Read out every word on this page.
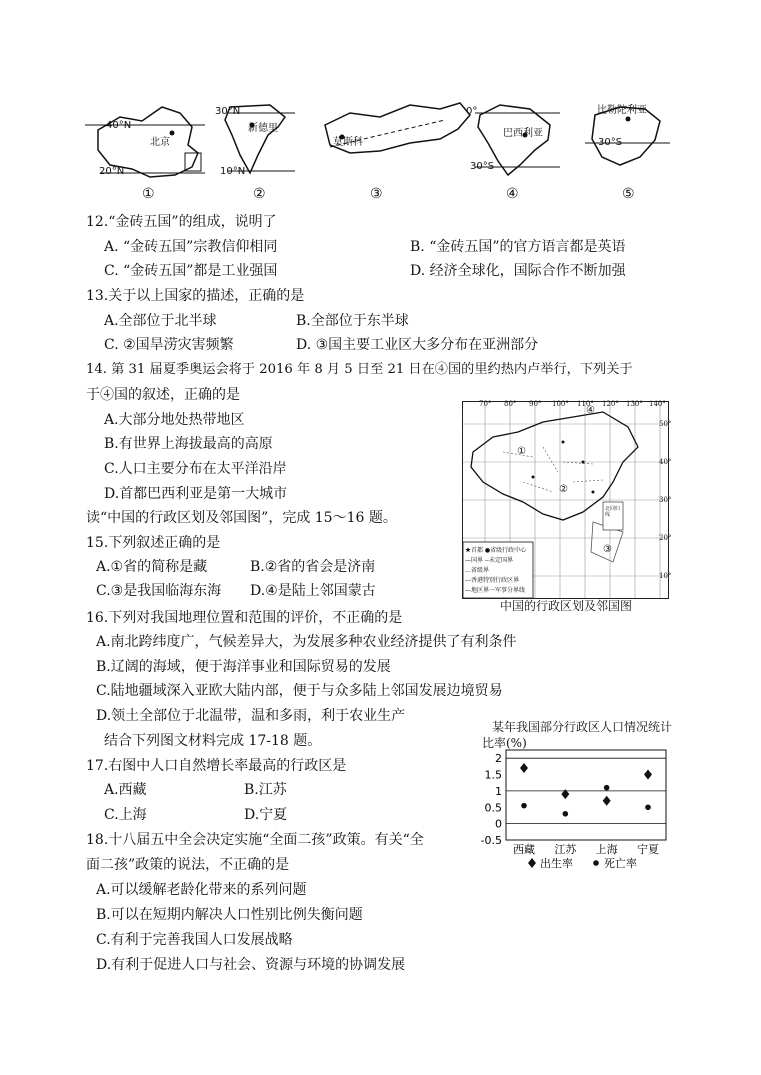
40°N
20°N
北京
30°N
10°N
新德里
莫斯科
0°
30°S
巴西利亚
比勒陀利亚
30°S
①	②	③	④	⑤
12.“金砖五国”的组成，说明了
A. “金砖五国”宗教信仰相同	B. “金砖五国”的官方语言都是英语
C. “金砖五国”都是工业强国	D. 经济全球化，国际合作不断加强
13.关于以上国家的描述，正确的是
A.全部位于北半球	B.全部位于东半球
C. ②国旱涝灾害频繁	D. ③国主要工业区大多分布在亚洲部分
14. 第 31 届夏季奥运会将于 2016 年 8 月 5 日至 21 日在④国的里约热内卢举行，下列关于
于④国的叙述，正确的是
A.大部分地处热带地区
B.有世界上海拔最高的高原
C.人口主要分布在太平洋沿岸
D.首都巴西利亚是第一大城市
读“中国的行政区划及邻国图”，完成 15～16 题。
15.下列叙述正确的是
A.①省的简称是藏	B.②省的省会是济南
C.③是我国临海东海 D.④是陆上邻国蒙古
70° 80° 90° 100° 110° 120° 130° 140°
50°
40°
30°
20°
10°
①
②
③
④
北回归线
★首都 ●省级行政中心
—国界 --未定国界
…省级界
---香港特别行政区界
—地区界一军事分界线
中国的行政区划及邻国图
16.下列对我国地理位置和范围的评价，不正确的是
A.南北跨纬度广，气候差异大，为发展多种农业经济提供了有利条件
B.辽阔的海域，便于海洋事业和国际贸易的发展
C.陆地疆域深入亚欧大陆内部，便于与众多陆上邻国发展边境贸易
D.领土全部位于北温带，温和多雨，利于农业生产
结合下列图文材料完成 17-18 题。
17.右图中人口自然增长率最高的行政区是
A.西藏	B.江苏
C.上海	D.宁夏
18.十八届五中全会决定实施“全面二孩”政策。有关“全
面二孩”政策的说法，不正确的是
A.可以缓解老龄化带来的系列问题
B.可以在短期内解决人口性别比例失衡问题
C.有利于完善我国人口发展战略
D.有利于促进人口与社会、资源与环境的协调发展
某年我国部分行政区人口情况统计
比率(%)
2
1.5
1
0.5
0
-0.5
西藏 江苏 上海 宁夏
出生率	死亡率
